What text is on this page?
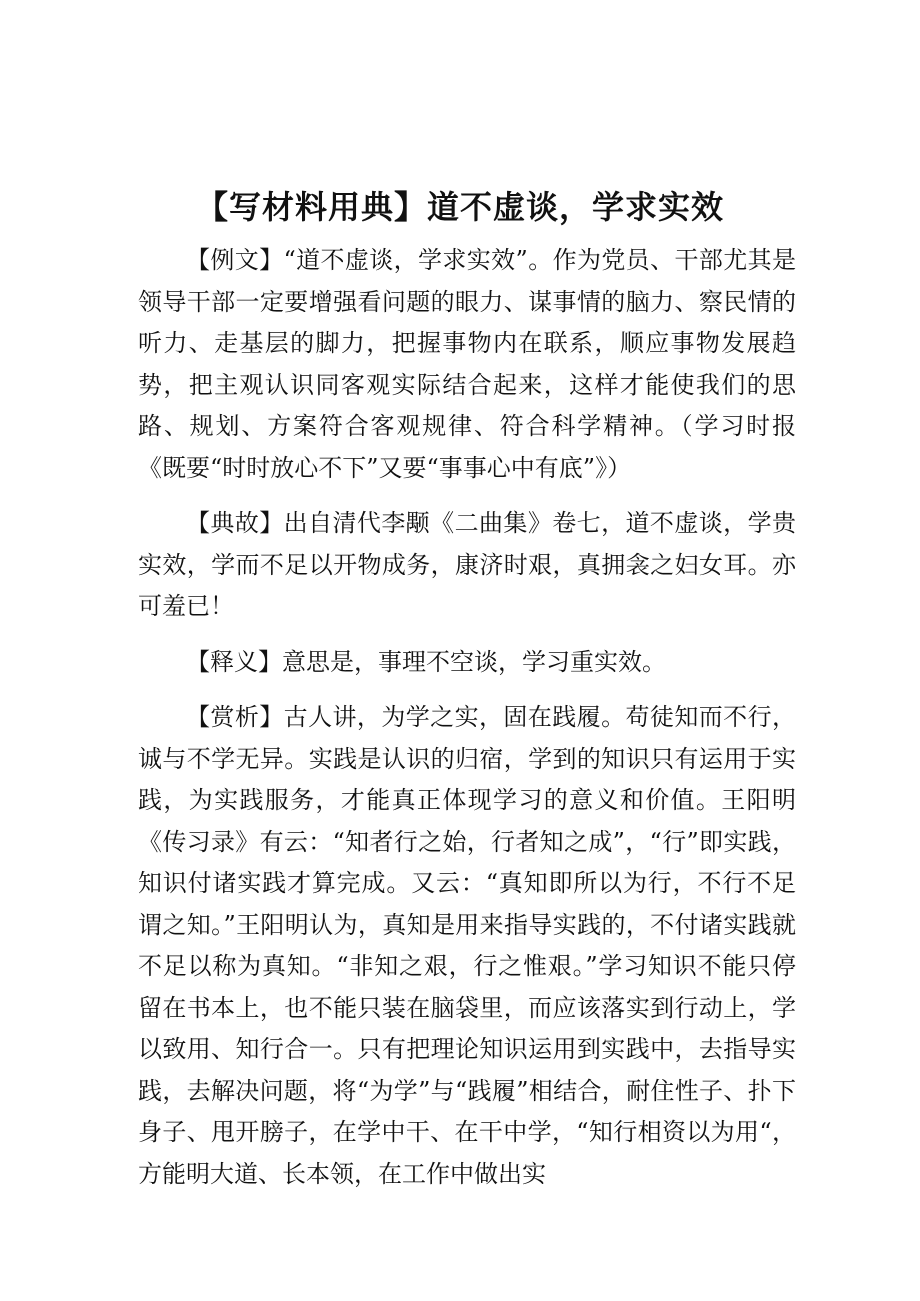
【写材料用典】道不虚谈，学求实效

【例文】“道不虚谈，学求实效”。作为党员、干部尤其是领导干部一定要增强看问题的眼力、谋事情的脑力、察民情的听力、走基层的脚力，把握事物内在联系，顺应事物发展趋势，把主观认识同客观实际结合起来，这样才能使我们的思路、规划、方案符合客观规律、符合科学精神。（学习时报《既要“时时放心不下”又要“事事心中有底”》）

【典故】出自清代李颙《二曲集》卷七，道不虚谈，学贵实效，学而不足以开物成务，康济时艰，真拥衾之妇女耳。亦可羞已！

【释义】意思是，事理不空谈，学习重实效。

【赏析】古人讲，为学之实，固在践履。苟徒知而不行，诚与不学无异。实践是认识的归宿，学到的知识只有运用于实践，为实践服务，才能真正体现学习的意义和价值。王阳明《传习录》有云：“知者行之始，行者知之成”，“行”即实践，知识付诸实践才算完成。又云：“真知即所以为行，不行不足谓之知。”王阳明认为，真知是用来指导实践的，不付诸实践就不足以称为真知。“非知之艰，行之惟艰。”学习知识不能只停留在书本上，也不能只装在脑袋里，而应该落实到行动上，学以致用、知行合一。只有把理论知识运用到实践中，去指导实践，去解决问题，将“为学”与“践履”相结合，耐住性子、扑下身子、甩开膀子，在学中干、在干中学，“知行相资以为用“，方能明大道、长本领，在工作中做出实
